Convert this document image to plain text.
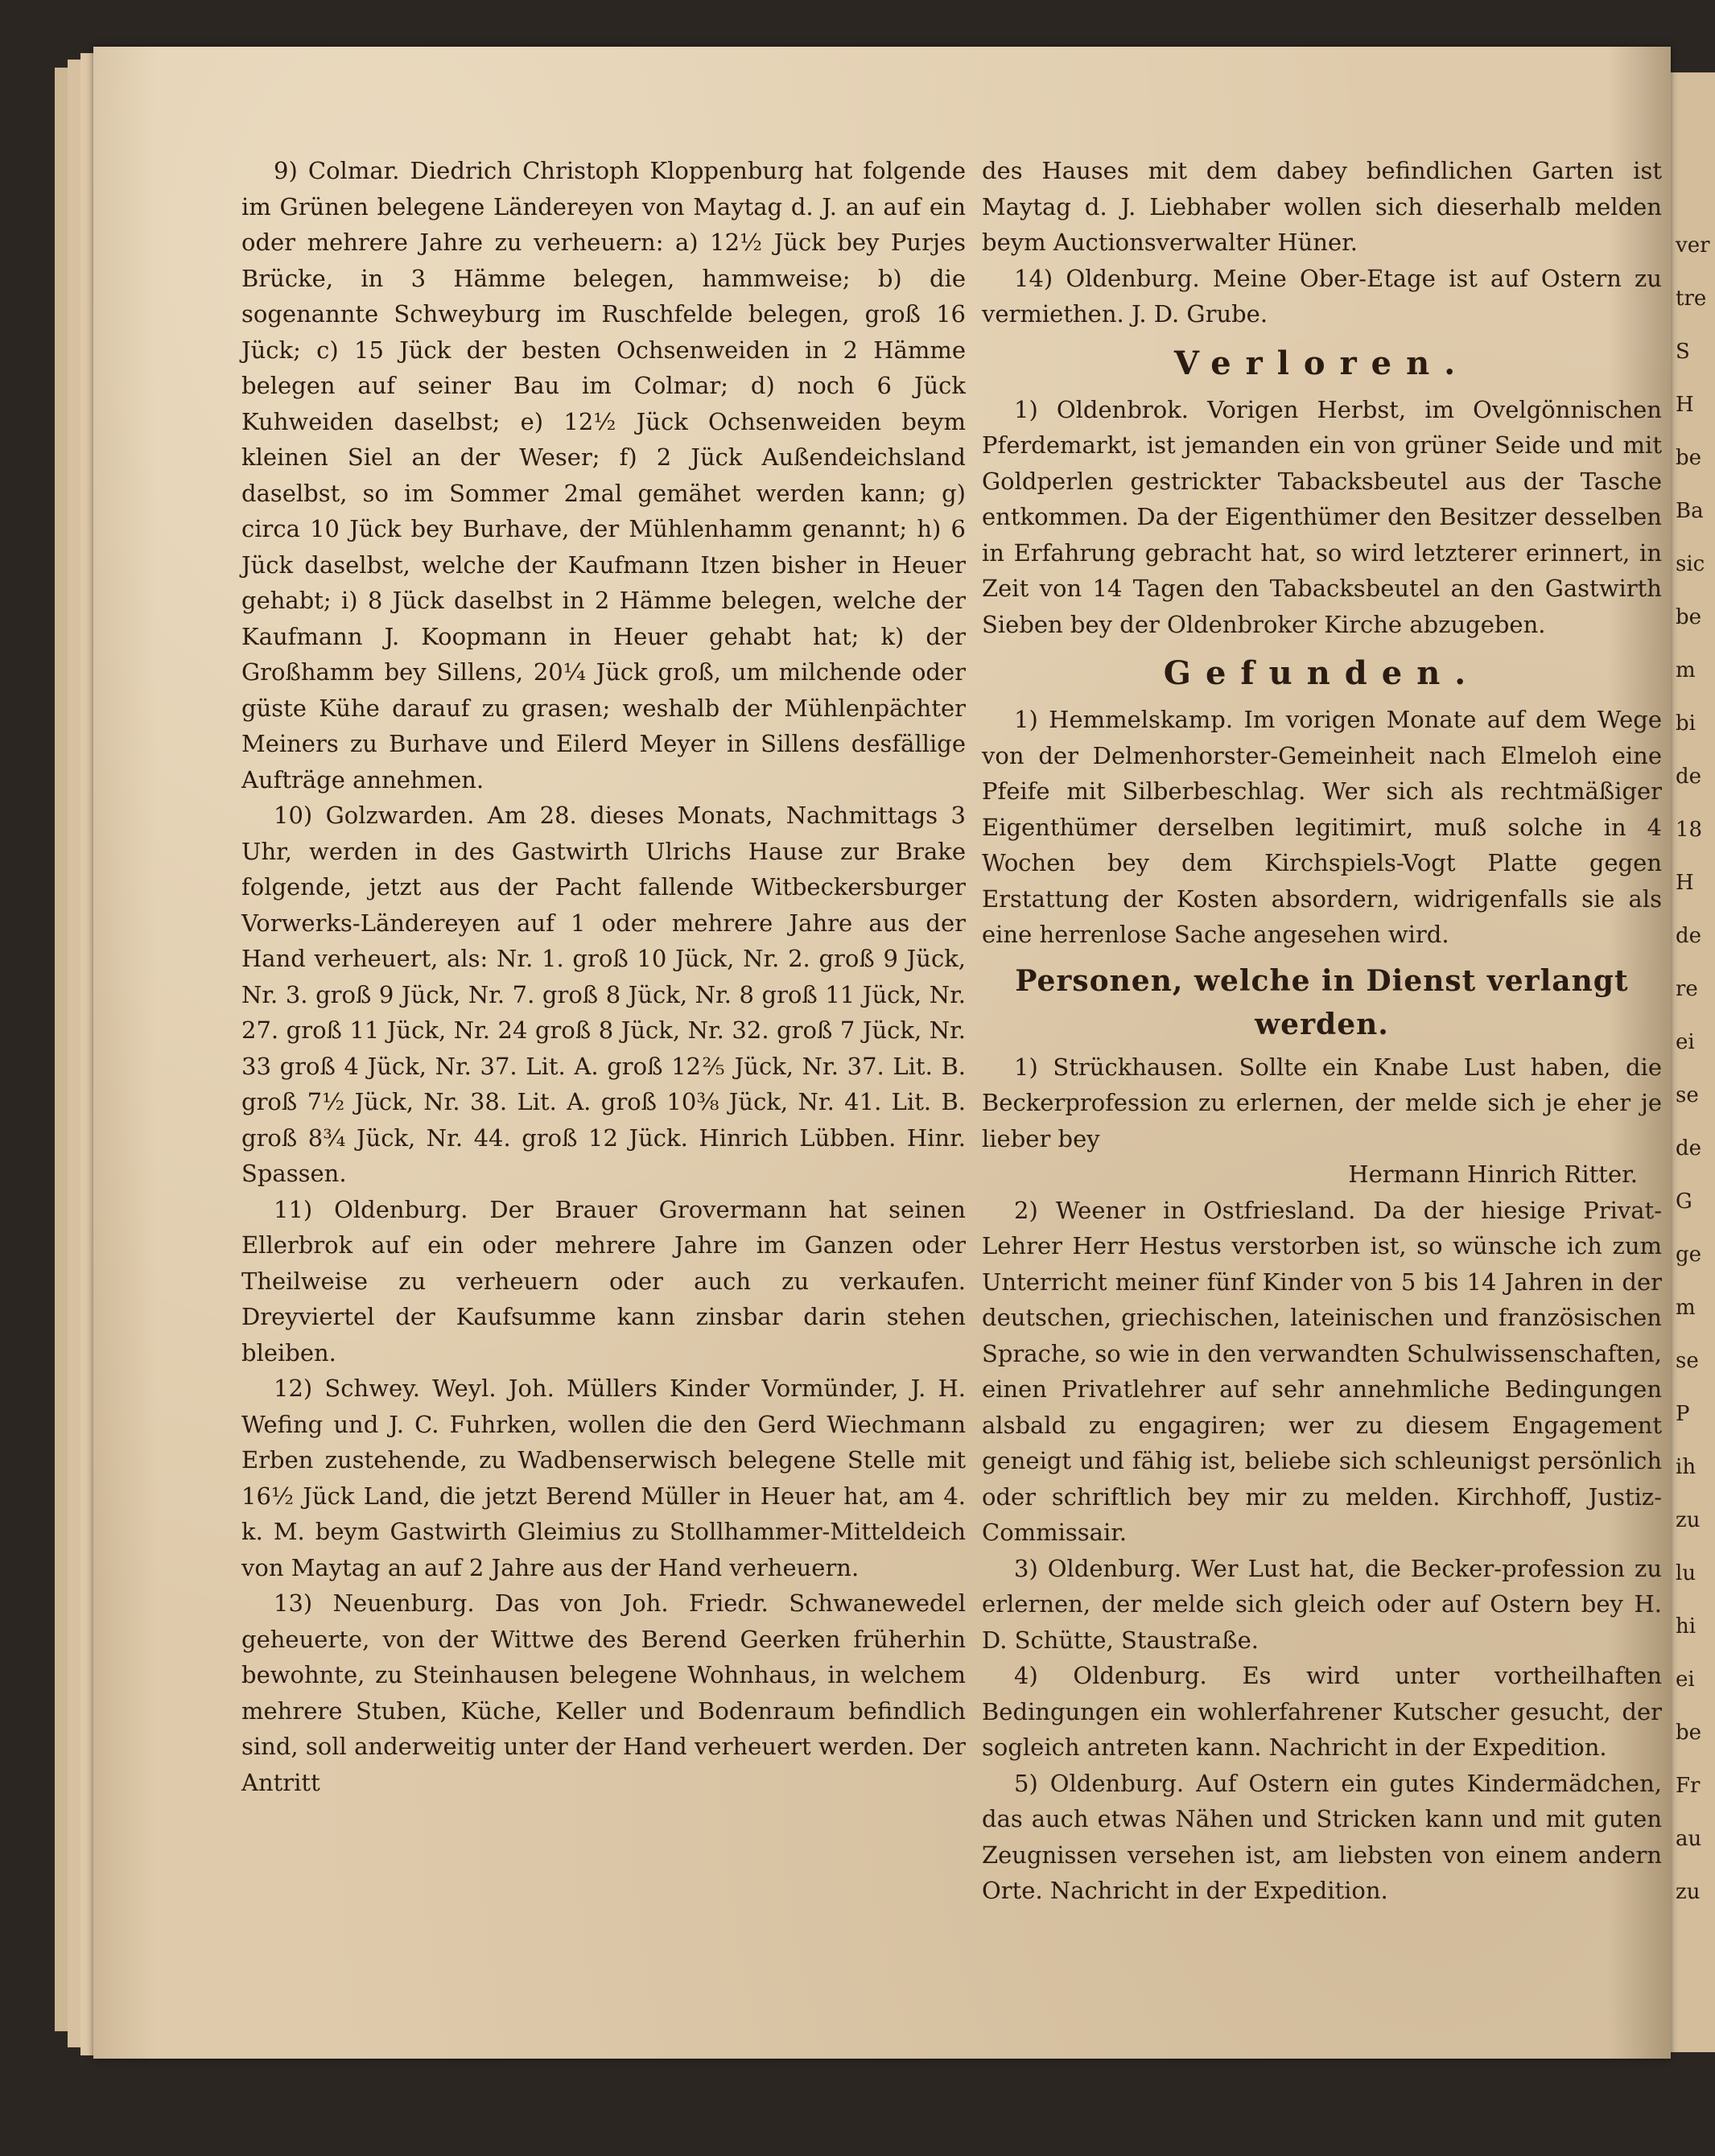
9) Colmar. Diedrich Christoph Kloppenburg hat folgende im Grünen belegene Ländereyen von Maytag d. J. an auf ein oder mehrere Jahre zu verheuern: a) 12½ Jück bey Purjes Brücke, in 3 Hämme belegen, hammweise; b) die sogenannte Schweyburg im Ruschfelde belegen, groß 16 Jück; c) 15 Jück der besten Ochsenweiden in 2 Hämme belegen auf seiner Bau im Colmar; d) noch 6 Jück Kuhweiden daselbst; e) 12½ Jück Ochsenweiden beym kleinen Siel an der Weser; f) 2 Jück Außendeichsland daselbst, so im Sommer 2mal gemähet werden kann; g) circa 10 Jück bey Burhave, der Mühlenhamm genannt; h) 6 Jück daselbst, welche der Kaufmann Itzen bisher in Heuer gehabt; i) 8 Jück daselbst in 2 Hämme belegen, welche der Kaufmann J. Koopmann in Heuer gehabt hat; k) der Großhamm bey Sillens, 20¼ Jück groß, um milchende oder güste Kühe darauf zu grasen; weshalb der Mühlenpächter Meiners zu Burhave und Eilerd Meyer in Sillens desfällige Aufträge annehmen.

10) Golzwarden. Am 28. dieses Monats, Nachmittags 3 Uhr, werden in des Gastwirth Ulrichs Hause zur Brake folgende, jetzt aus der Pacht fallende Witbeckersburger Vorwerks-Ländereyen auf 1 oder mehrere Jahre aus der Hand verheuert, als: Nr. 1. groß 10 Jück, Nr. 2. groß 9 Jück, Nr. 3. groß 9 Jück, Nr. 7. groß 8 Jück, Nr. 8 groß 11 Jück, Nr. 27. groß 11 Jück, Nr. 24 groß 8 Jück, Nr. 32. groß 7 Jück, Nr. 33 groß 4 Jück, Nr. 37. Lit. A. groß 12⅖ Jück, Nr. 37. Lit. B. groß 7½ Jück, Nr. 38. Lit. A. groß 10⅜ Jück, Nr. 41. Lit. B. groß 8¾ Jück, Nr. 44. groß 12 Jück. Hinrich Lübben. Hinr. Spassen.

11) Oldenburg. Der Brauer Grovermann hat seinen Ellerbrok auf ein oder mehrere Jahre im Ganzen oder Theilweise zu verheuern oder auch zu verkaufen. Dreyviertel der Kaufsumme kann zinsbar darin stehen bleiben.

12) Schwey. Weyl. Joh. Müllers Kinder Vormünder, J. H. Wefing und J. C. Fuhrken, wollen die den Gerd Wiechmann Erben zustehende, zu Wadbenserwisch belegene Stelle mit 16½ Jück Land, die jetzt Berend Müller in Heuer hat, am 4. k. M. beym Gastwirth Gleimius zu Stollhammer-Mitteldeich von Maytag an auf 2 Jahre aus der Hand verheuern.

13) Neuenburg. Das von Joh. Friedr. Schwanewedel geheuerte, von der Wittwe des Berend Geerken früherhin bewohnte, zu Steinhausen belegene Wohnhaus, in welchem mehrere Stuben, Küche, Keller und Bodenraum befindlich sind, soll anderweitig unter der Hand verheuert werden. Der Antritt

des Hauses mit dem dabey befindlichen Garten ist Maytag d. J. Liebhaber wollen sich dieserhalb melden beym Auctionsverwalter Hüner.

14) Oldenburg. Meine Ober-Etage ist auf Ostern zu vermiethen. J. D. Grube.

Verloren.

1) Oldenbrok. Vorigen Herbst, im Ovelgönnischen Pferdemarkt, ist jemanden ein von grüner Seide und mit Goldperlen gestrickter Tabacksbeutel aus der Tasche entkommen. Da der Eigenthümer den Besitzer desselben in Erfahrung gebracht hat, so wird letzterer erinnert, in Zeit von 14 Tagen den Tabacksbeutel an den Gastwirth Sieben bey der Oldenbroker Kirche abzugeben.

Gefunden.

1) Hemmelskamp. Im vorigen Monate auf dem Wege von der Delmenhorster-Gemeinheit nach Elmeloh eine Pfeife mit Silberbeschlag. Wer sich als rechtmäßiger Eigenthümer derselben legitimirt, muß solche in 4 Wochen bey dem Kirchspiels-Vogt Platte gegen Erstattung der Kosten absordern, widrigenfalls sie als eine herrenlose Sache angesehen wird.

Personen, welche in Dienst verlangt werden.

1) Strückhausen. Sollte ein Knabe Lust haben, die Beckerprofession zu erlernen, der melde sich je eher je lieber bey

Hermann Hinrich Ritter.

2) Weener in Ostfriesland. Da der hiesige Privat-Lehrer Herr Hestus verstorben ist, so wünsche ich zum Unterricht meiner fünf Kinder von 5 bis 14 Jahren in der deutschen, griechischen, lateinischen und französischen Sprache, so wie in den verwandten Schulwissenschaften, einen Privatlehrer auf sehr annehmliche Bedingungen alsbald zu engagiren; wer zu diesem Engagement geneigt und fähig ist, beliebe sich schleunigst persönlich oder schriftlich bey mir zu melden. Kirchhoff, Justiz-Commissair.

3) Oldenburg. Wer Lust hat, die Becker-profession zu erlernen, der melde sich gleich oder auf Ostern bey H. D. Schütte, Staustraße.

4) Oldenburg. Es wird unter vortheilhaften Bedingungen ein wohlerfahrener Kutscher gesucht, der sogleich antreten kann. Nachricht in der Expedition.

5) Oldenburg. Auf Ostern ein gutes Kindermädchen, das auch etwas Nähen und Stricken kann und mit guten Zeugnissen versehen ist, am liebsten von einem andern Orte. Nachricht in der Expedition.

ver
tre
S
H
be
Ba
sic
be
m
bi
de
18
H
de
re
ei
se
de
G
ge
m
se
P
ih
zu
lu
hi
ei
be
Fr
au
zu
